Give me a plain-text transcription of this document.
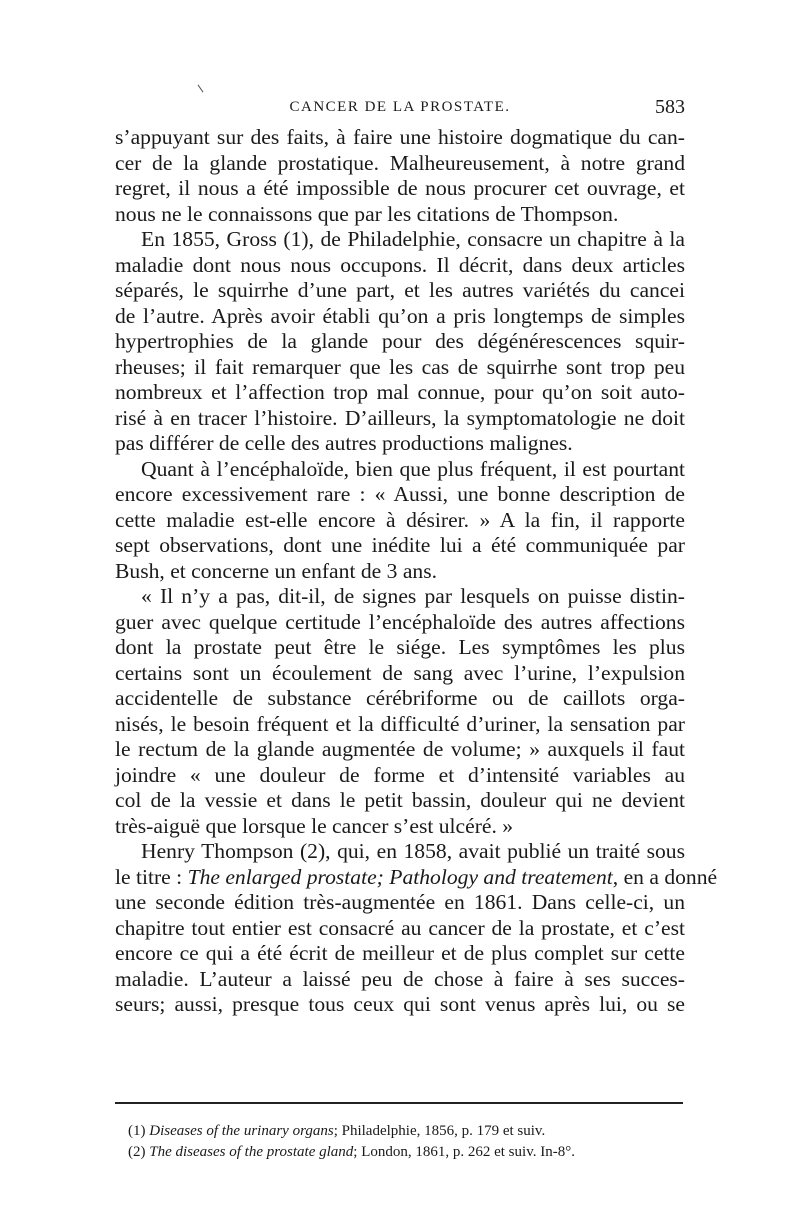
CANCER DE LA PROSTATE.	583
s’appuyant sur des faits, à faire une histoire dogmatique du can-
cer de la glande prostatique. Malheureusement, à notre grand
regret, il nous a été impossible de nous procurer cet ouvrage, et
nous ne le connaissons que par les citations de Thompson.
En 1855, Gross (1), de Philadelphie, consacre un chapitre à la
maladie dont nous nous occupons. Il décrit, dans deux articles
séparés, le squirrhe d’une part, et les autres variétés du cancei
de l’autre. Après avoir établi qu’on a pris longtemps de simples
hypertrophies de la glande pour des dégénérescences squir-
rheuses; il fait remarquer que les cas de squirrhe sont trop peu
nombreux et l’affection trop mal connue, pour qu’on soit auto-
risé à en tracer l’histoire. D’ailleurs, la symptomatologie ne doit
pas différer de celle des autres productions malignes.
Quant à l’encéphaloïde, bien que plus fréquent, il est pourtant
encore excessivement rare : « Aussi, une bonne description de
cette maladie est-elle encore à désirer. » A la fin, il rapporte
sept observations, dont une inédite lui a été communiquée par
Bush, et concerne un enfant de 3 ans.
« Il n’y a pas, dit-il, de signes par lesquels on puisse distin-
guer avec quelque certitude l’encéphaloïde des autres affections
dont la prostate peut être le siége. Les symptômes les plus
certains sont un écoulement de sang avec l’urine, l’expulsion
accidentelle de substance cérébriforme ou de caillots orga-
nisés, le besoin fréquent et la difficulté d’uriner, la sensation par
le rectum de la glande augmentée de volume; » auxquels il faut
joindre « une douleur de forme et d’intensité variables au
col de la vessie et dans le petit bassin, douleur qui ne devient
très-aiguë que lorsque le cancer s’est ulcéré. »
Henry Thompson (2), qui, en 1858, avait publié un traité sous
le titre : The enlarged prostate; Pathology and treatement, en a donné
une seconde édition très-augmentée en 1861. Dans celle-ci, un
chapitre tout entier est consacré au cancer de la prostate, et c’est
encore ce qui a été écrit de meilleur et de plus complet sur cette
maladie. L’auteur a laissé peu de chose à faire à ses succes-
seurs; aussi, presque tous ceux qui sont venus après lui, ou se
(1) Diseases of the urinary organs; Philadelphie, 1856, p. 179 et suiv.
(2) The diseases of the prostate gland; London, 1861, p. 262 et suiv. In-8°.
